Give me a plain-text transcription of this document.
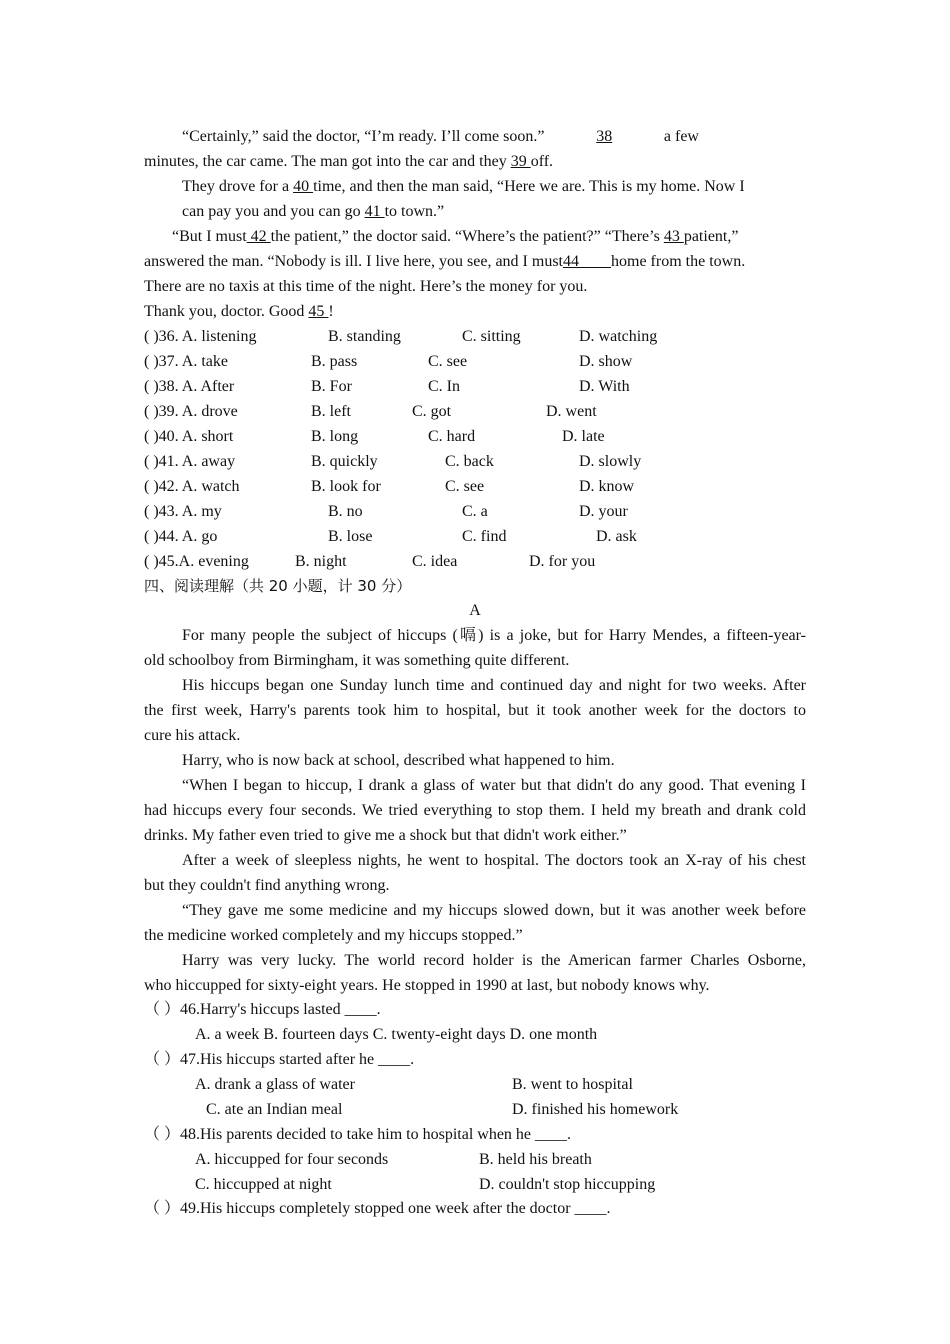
“Certainly,” said the doctor, “I’m ready. I’ll come soon.”	38	a few
minutes, the car came. The man got into the car and they 39 off.
They drove for a 40 time, and then the man said, “Here we are. This is my home. Now I
can pay you and you can go 41 to town.”
“But I must 42 the patient,” the doctor said. “Where’s the patient?” “There’s 43 patient,”
answered the man. “Nobody is ill. I live here, you see, and I must44        home from the town.
There are no taxis at this time of the night. Here’s the money for you.
Thank you, doctor. Good 45 !
( )36. A. listening	B. standing	C. sitting	D. watching
( )37. A. take	B. pass	C. see	D. show
( )38. A. After	B. For	C. In	D. With
( )39. A. drove	B. left	C. got	D. went
( )40. A. short	B. long	C. hard	D. late
( )41. A. away	B. quickly	C. back	D. slowly
( )42. A. watch	B. look for	C. see	D. know
( )43. A. my	B. no	C. a	D. your
( )44. A. go	B. lose	C. find	D. ask
( )45.A. evening	B. night	C. idea	D. for you
四、阅读理解（共 20 小题，计 30 分）
A
For many people the subject of hiccups (嗝) is a joke, but for Harry Mendes, a fifteen-year-
old schoolboy from Birmingham, it was something quite different.
His hiccups began one Sunday lunch time and continued day and night for two weeks. After
the first week, Harry's parents took him to hospital, but it took another week for the doctors to
cure his attack.
Harry, who is now back at school, described what happened to him.
“When I began to hiccup, I drank a glass of water but that didn't do any good. That evening I
had hiccups every four seconds. We tried everything to stop them. I held my breath and drank cold
drinks. My father even tried to give me a shock but that didn't work either.”
After a week of sleepless nights, he went to hospital. The doctors took an X-ray of his chest
but they couldn't find anything wrong.
“They gave me some medicine and my hiccups slowed down, but it was another week before
the medicine worked completely and my hiccups stopped.”
Harry was very lucky. The world record holder is the American farmer Charles Osborne,
who hiccupped for sixty-eight years. He stopped in 1990 at last, but nobody knows why.
（ ）46.Harry's hiccups lasted ____.
A. a week B. fourteen days C. twenty-eight days D. one month
（ ）47.His hiccups started after he ____.
A. drank a glass of water	B. went to hospital
C. ate an Indian meal	D. finished his homework
（ ）48.His parents decided to take him to hospital when he ____.
A. hiccupped for four seconds	B. held his breath
C. hiccupped at night	D. couldn't stop hiccupping
（ ）49.His hiccups completely stopped one week after the doctor ____.
